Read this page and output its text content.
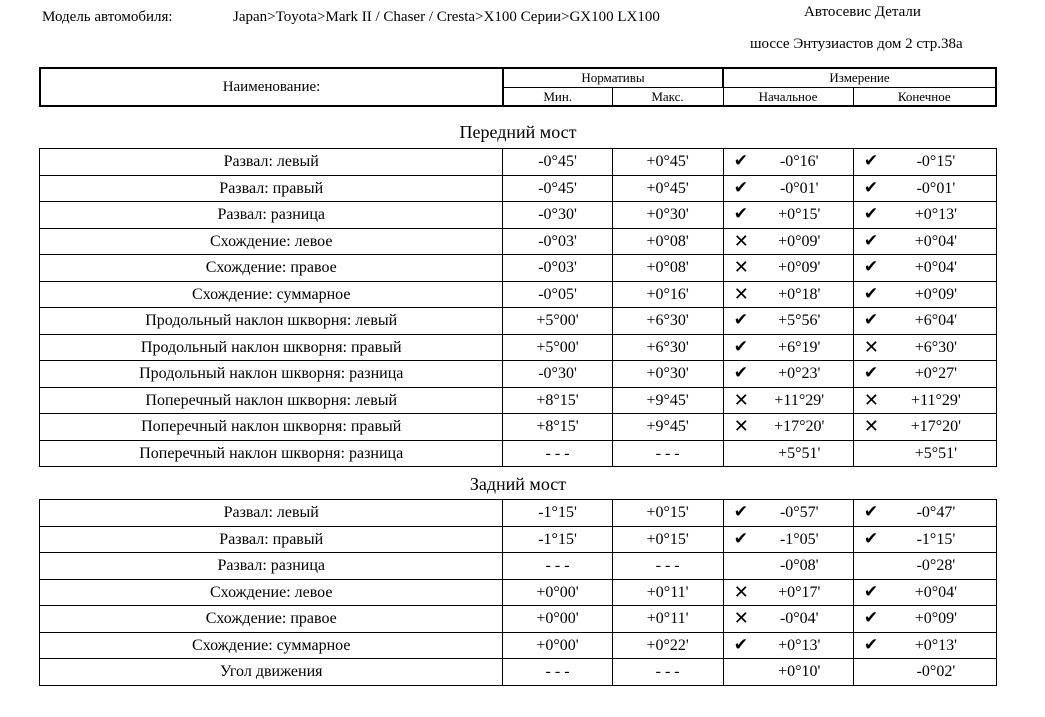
Модель автомобиля:	Japan>Toyota>Mark II / Chaser / Cresta>X100 Серии>GX100 LX100	Автосевис Детали
шоссе Энтузиастов дом 2 стр.38а
Наименование:	Нормативы		Измерение	
	Мин.	Макс.	Начальное	Конечное
Передний мост
Развал: левый	-0°45'	+0°45'	✔ -0°16'	✔ -0°15'
Развал: правый	-0°45'	+0°45'	✔ -0°01'	✔ -0°01'
Развал: разница	-0°30'	+0°30'	✔ +0°15'	✔ +0°13'
Схождение: левое	-0°03'	+0°08'	✕ +0°09'	✔ +0°04'
Схождение: правое	-0°03'	+0°08'	✕ +0°09'	✔ +0°04'
Схождение: суммарное	-0°05'	+0°16'	✕ +0°18'	✔ +0°09'
Продольный наклон шкворня: левый	+5°00'	+6°30'	✔ +5°56'	✔ +6°04'
Продольный наклон шкворня: правый	+5°00'	+6°30'	✔ +6°19'	✕ +6°30'
Продольный наклон шкворня: разница	-0°30'	+0°30'	✔ +0°23'	✔ +0°27'
Поперечный наклон шкворня: левый	+8°15'	+9°45'	✕ +11°29'	✕ +11°29'
Поперечный наклон шкворня: правый	+8°15'	+9°45'	✕ +17°20'	✕ +17°20'
Поперечный наклон шкворня: разница	- - -	- - -	+5°51'	+5°51'
Задний мост
Развал: левый	-1°15'	+0°15'	✔ -0°57'	✔ -0°47'
Развал: правый	-1°15'	+0°15'	✔ -1°05'	✔ -1°15'
Развал: разница	- - -	- - -	-0°08'	-0°28'
Схождение: левое	+0°00'	+0°11'	✕ +0°17'	✔ +0°04'
Схождение: правое	+0°00'	+0°11'	✕ -0°04'	✔ +0°09'
Схождение: суммарное	+0°00'	+0°22'	✔ +0°13'	✔ +0°13'
Угол движения	- - -	- - -	+0°10'	-0°02'
